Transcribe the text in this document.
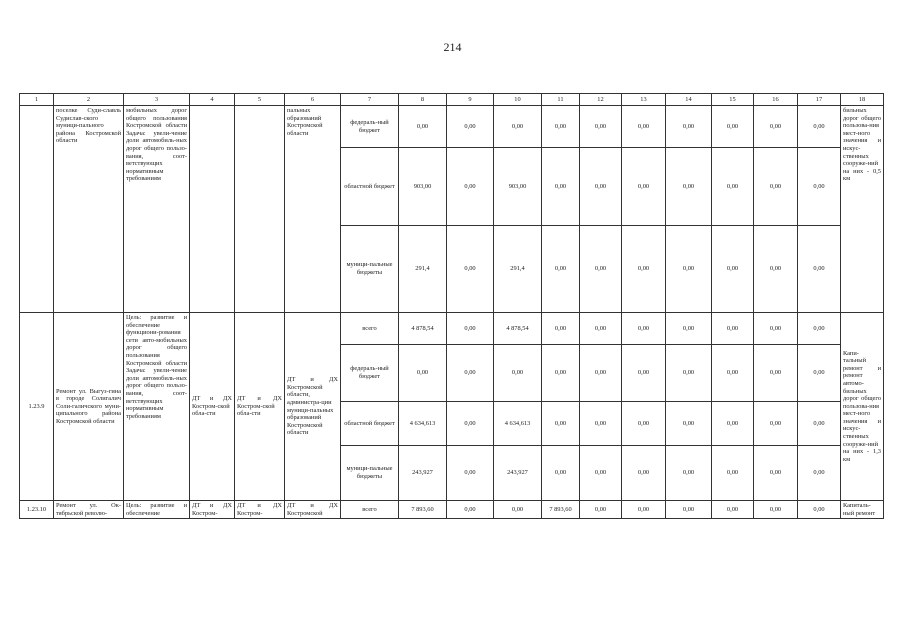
214
1	2	3	4	5	6	7	8	9	10	11	12	13	14	15	16	17	18
	поселке Суди-славль Судислав-ского муници-пального района Костромской области	мобильных дорог общего пользования Костромской области Задача: увели-чение доли автомобиль-ных дорог общего пользо-вания, соот-ветствующих нормативным требованиям			пальных образований Костромской области	федераль-ный бюджет	0,00	0,00	0,00	0,00	0,00	0,00	0,00	0,00	0,00	0,00	бильных дорог общего пользова-ния мест-ного значения и искус-ственных сооруже-ний на них - 0,5 км
						областной бюджет	903,00	0,00	903,00	0,00	0,00	0,00	0,00	0,00	0,00	0,00	
						муници-пальные бюджеты	291,4	0,00	291,4	0,00	0,00	0,00	0,00	0,00	0,00	0,00	
1.23.9	Ремонт ул. Выгуз-гина в городе Солигалич Соли-галичского муни-ципального района Костромской области	Цель: развитие и обеспечение функциони-рования сети авто-мобильных дорог общего пользования Костромской области Задача: увели-чение доли автомобиль-ных дорог общего пользо-вания, соот-ветствующих нормативным требованиям	ДТ и ДХ Костром-ской обла-сти	ДТ и ДХ Костром-ской обла-сти	ДТ и ДХ Костромской области, администра-ции муници-пальных образований Костромской области	всего	4 878,54	0,00	4 878,54	0,00	0,00	0,00	0,00	0,00	0,00	0,00	Капи-тальный ремонт и ремонт автомо-бильных дорог общего пользова-ния мест-ного значения и искус-ственных сооруже-ний на них - 1,3 км
						федераль-ный бюджет	0,00	0,00	0,00	0,00	0,00	0,00	0,00	0,00	0,00	0,00	
						областной бюджет	4 634,613	0,00	4 634,613	0,00	0,00	0,00	0,00	0,00	0,00	0,00	
						муници-пальные бюджеты	243,927	0,00	243,927	0,00	0,00	0,00	0,00	0,00	0,00	0,00	
1.23.10	Ремонт ул. Ок-тябрьской револю-	Цель: развитие и обеспечение	ДТ и ДХ Костром-	ДТ и ДХ Костром-	ДТ и ДХ Костромской	всего	7 893,60	0,00	0,00	7 893,60	0,00	0,00	0,00	0,00	0,00	0,00	Капиталь-ный ремонт
